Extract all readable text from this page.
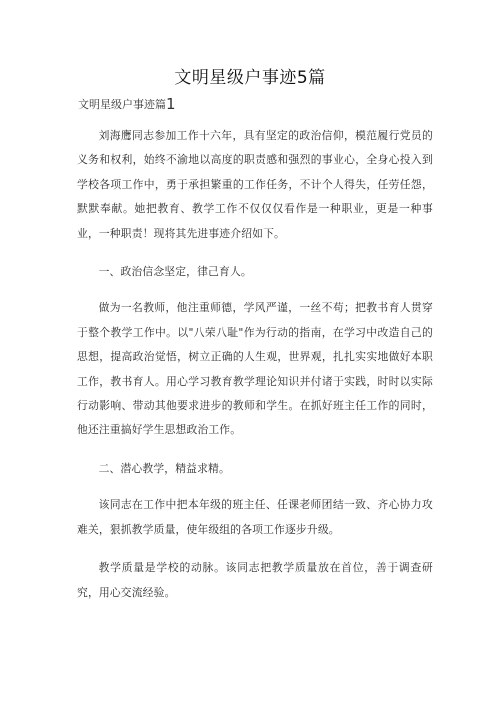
文明星级户事迹5篇
文明星级户事迹篇1

刘海鹰同志参加工作十六年，具有坚定的政治信仰，模范履行党员的义务和权利，始终不渝地以高度的职责感和强烈的事业心，全身心投入到学校各项工作中，勇于承担繁重的工作任务，不计个人得失，任劳任怨，默默奉献。她把教育、教学工作不仅仅仅看作是一种职业，更是一种事业，一种职责！现将其先进事迹介绍如下。

一、政治信念坚定，律己育人。

做为一名教师，他注重师德，学风严谨，一丝不苟；把教书育人贯穿于整个教学工作中。以"八荣八耻"作为行动的指南，在学习中改造自己的思想，提高政治觉悟，树立正确的人生观，世界观，扎扎实实地做好本职工作，教书育人。用心学习教育教学理论知识并付诸于实践，时时以实际行动影响、带动其他要求进步的教师和学生。在抓好班主任工作的同时，他还注重搞好学生思想政治工作。

二、潜心教学，精益求精。

该同志在工作中把本年级的班主任、任课老师团结一致、齐心协力攻难关，狠抓教学质量，使年级组的各项工作逐步升级。

教学质量是学校的动脉。该同志把教学质量放在首位，善于调查研究，用心交流经验。
